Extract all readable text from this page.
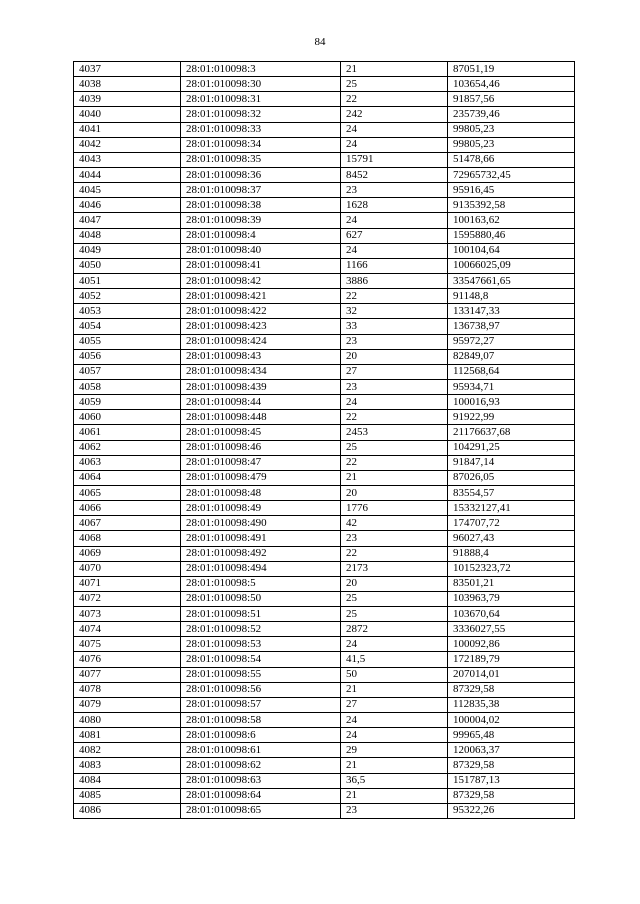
84
4037	28:01:010098:3	21	87051,19
4038	28:01:010098:30	25	103654,46
4039	28:01:010098:31	22	91857,56
4040	28:01:010098:32	242	235739,46
4041	28:01:010098:33	24	99805,23
4042	28:01:010098:34	24	99805,23
4043	28:01:010098:35	15791	51478,66
4044	28:01:010098:36	8452	72965732,45
4045	28:01:010098:37	23	95916,45
4046	28:01:010098:38	1628	9135392,58
4047	28:01:010098:39	24	100163,62
4048	28:01:010098:4	627	1595880,46
4049	28:01:010098:40	24	100104,64
4050	28:01:010098:41	1166	10066025,09
4051	28:01:010098:42	3886	33547661,65
4052	28:01:010098:421	22	91148,8
4053	28:01:010098:422	32	133147,33
4054	28:01:010098:423	33	136738,97
4055	28:01:010098:424	23	95972,27
4056	28:01:010098:43	20	82849,07
4057	28:01:010098:434	27	112568,64
4058	28:01:010098:439	23	95934,71
4059	28:01:010098:44	24	100016,93
4060	28:01:010098:448	22	91922,99
4061	28:01:010098:45	2453	21176637,68
4062	28:01:010098:46	25	104291,25
4063	28:01:010098:47	22	91847,14
4064	28:01:010098:479	21	87026,05
4065	28:01:010098:48	20	83554,57
4066	28:01:010098:49	1776	15332127,41
4067	28:01:010098:490	42	174707,72
4068	28:01:010098:491	23	96027,43
4069	28:01:010098:492	22	91888,4
4070	28:01:010098:494	2173	10152323,72
4071	28:01:010098:5	20	83501,21
4072	28:01:010098:50	25	103963,79
4073	28:01:010098:51	25	103670,64
4074	28:01:010098:52	2872	3336027,55
4075	28:01:010098:53	24	100092,86
4076	28:01:010098:54	41,5	172189,79
4077	28:01:010098:55	50	207014,01
4078	28:01:010098:56	21	87329,58
4079	28:01:010098:57	27	112835,38
4080	28:01:010098:58	24	100004,02
4081	28:01:010098:6	24	99965,48
4082	28:01:010098:61	29	120063,37
4083	28:01:010098:62	21	87329,58
4084	28:01:010098:63	36,5	151787,13
4085	28:01:010098:64	21	87329,58
4086	28:01:010098:65	23	95322,26
